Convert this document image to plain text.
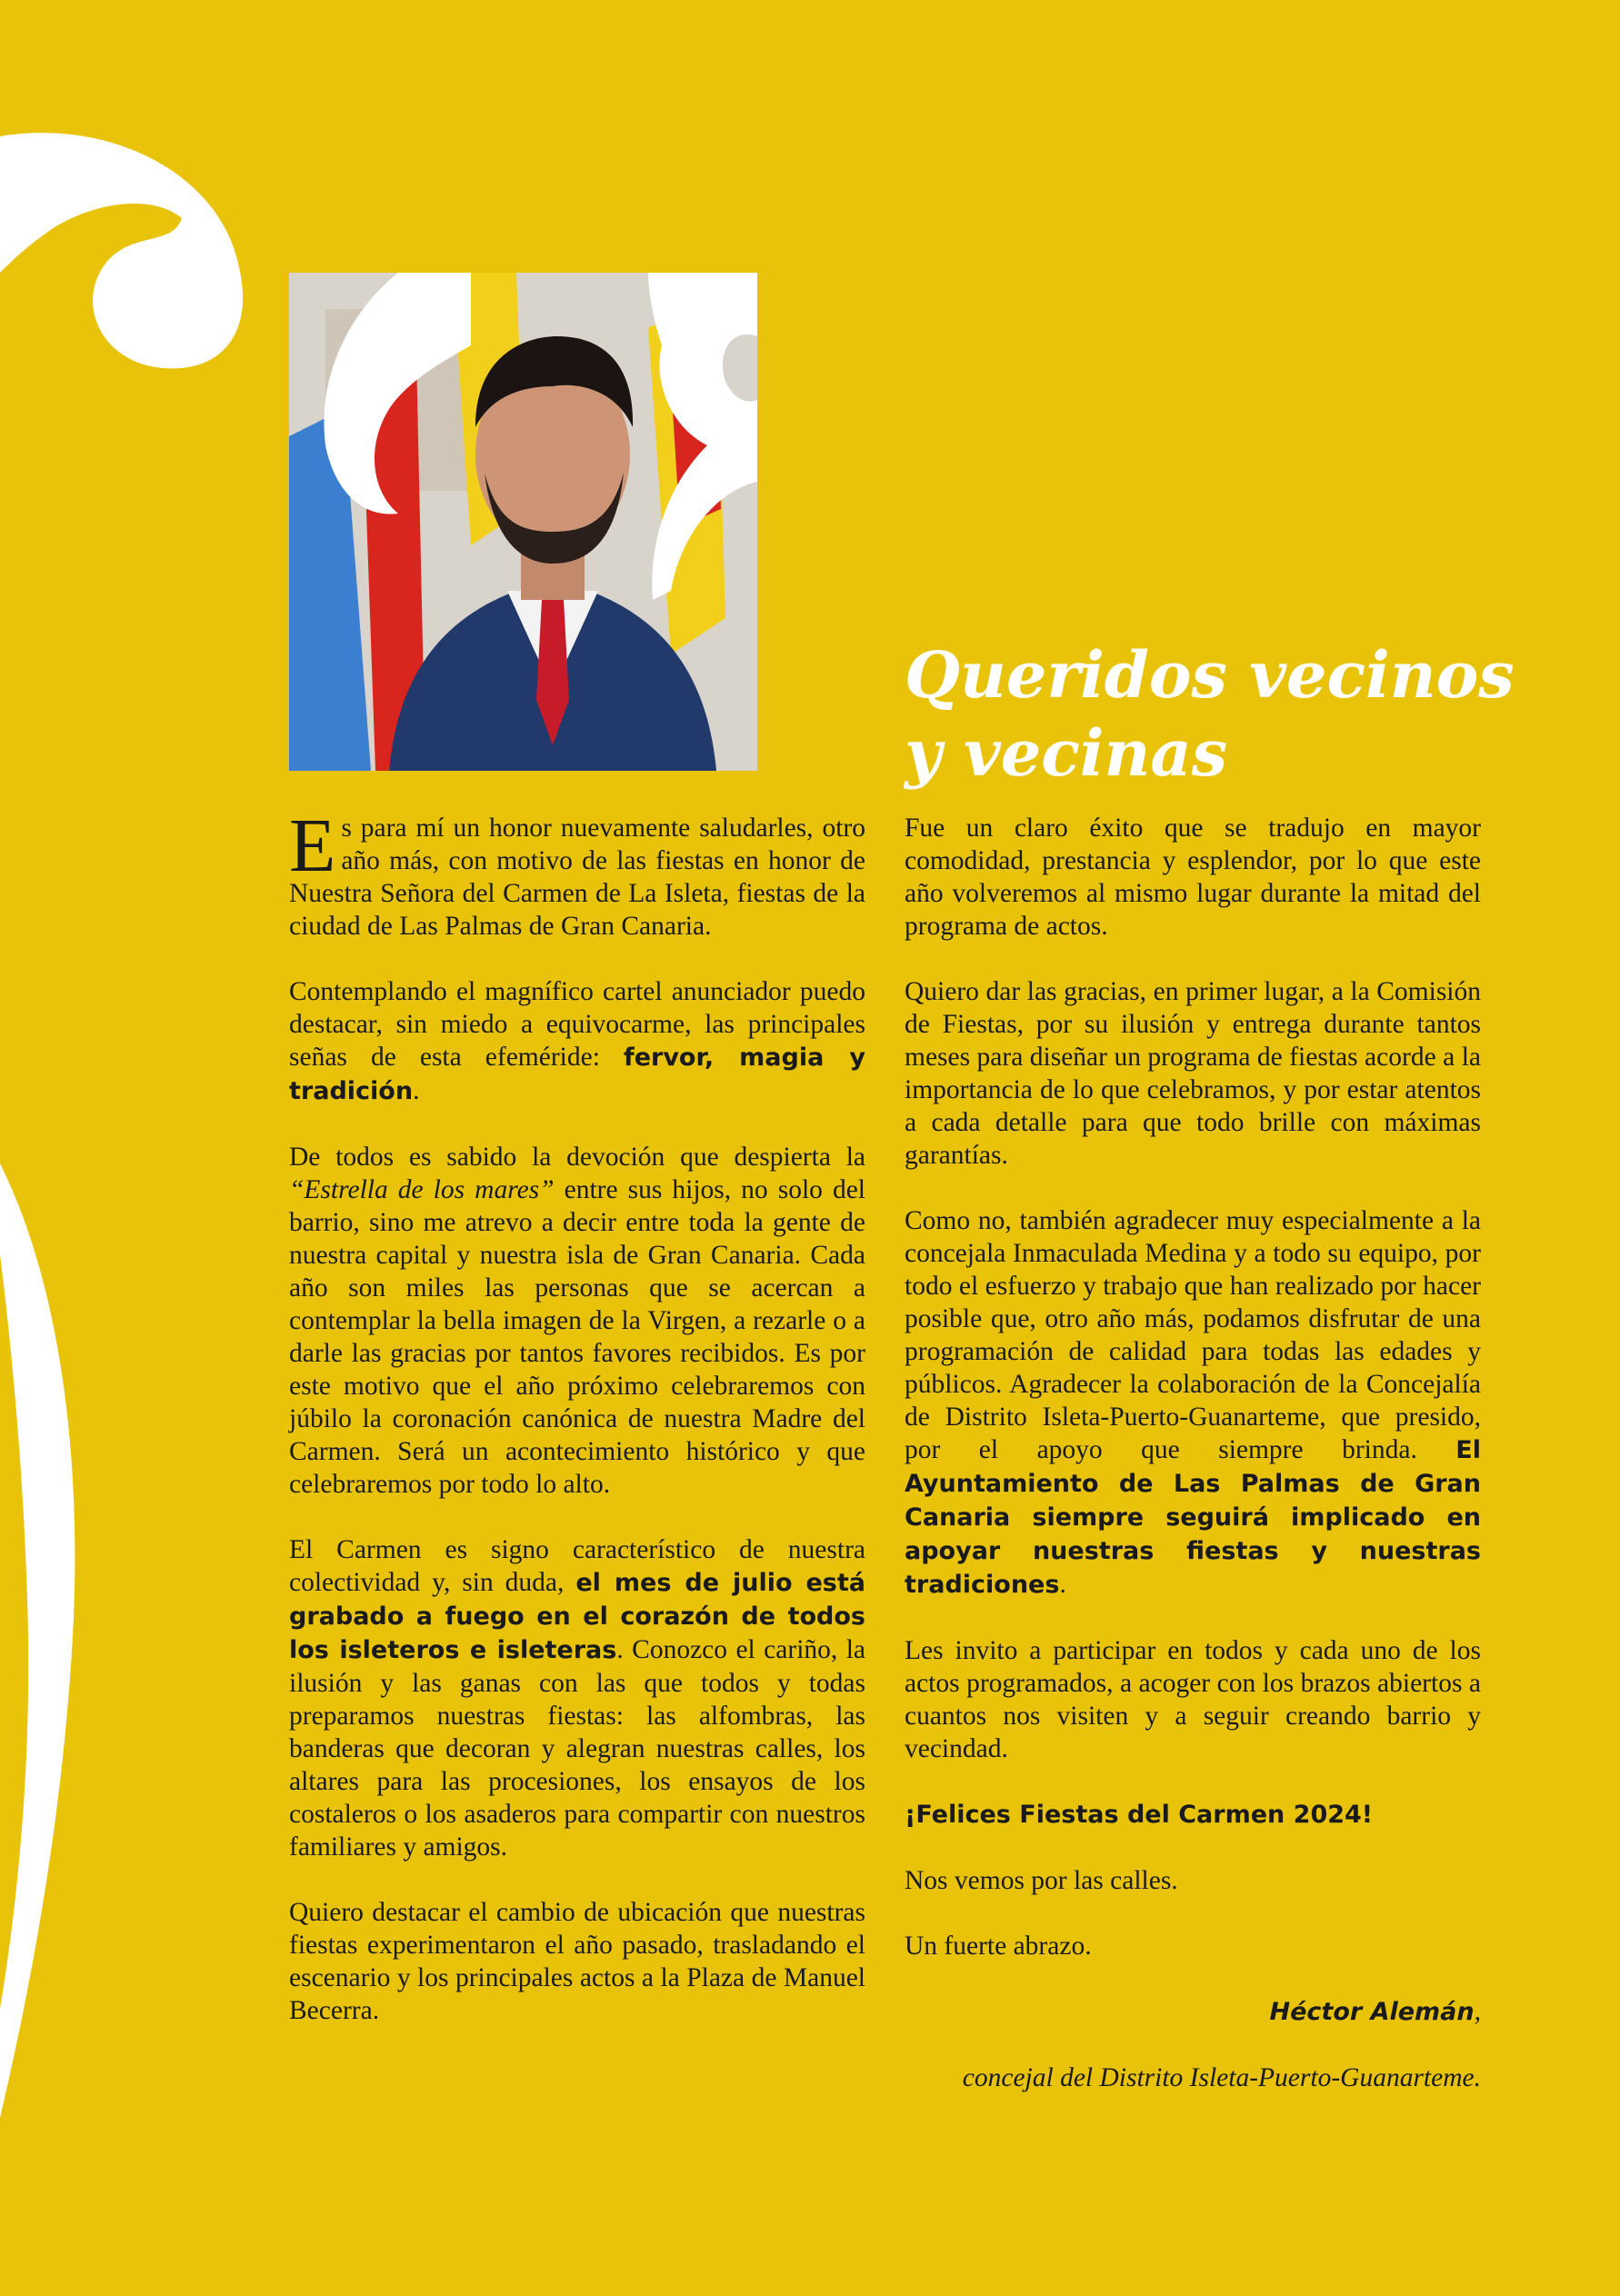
Queridos vecinos
y vecinas

Es para mí un honor nuevamente saludarles, otro año más, con motivo de las fiestas en honor de Nuestra Señora del Carmen de La Isleta, fiestas de la ciudad de Las Palmas de Gran Canaria.

Contemplando el magnífico cartel anunciador puedo destacar, sin miedo a equivocarme, las principales señas de esta efeméride: fervor, magia y tradición.

De todos es sabido la devoción que despierta la “Estrella de los mares” entre sus hijos, no solo del barrio, sino me atrevo a decir entre toda la gente de nuestra capital y nuestra isla de Gran Canaria. Cada año son miles las personas que se acercan a contemplar la bella imagen de la Virgen, a rezarle o a darle las gracias por tantos favores recibidos. Es por este motivo que el año próximo celebraremos con júbilo la coronación canónica de nuestra Madre del Carmen. Será un acontecimiento histórico y que celebraremos por todo lo alto.

El Carmen es signo característico de nuestra colectividad y, sin duda, el mes de julio está grabado a fuego en el corazón de todos los isleteros e isleteras. Conozco el cariño, la ilusión y las ganas con las que todos y todas preparamos nuestras fiestas: las alfombras, las banderas que decoran y alegran nuestras calles, los altares para las procesiones, los ensayos de los costaleros o los asaderos para compartir con nuestros familiares y amigos.

Quiero destacar el cambio de ubicación que nuestras fiestas experimentaron el año pasado, trasladando el escenario y los principales actos a la Plaza de Manuel Becerra.

Fue un claro éxito que se tradujo en mayor comodidad, prestancia y esplendor, por lo que este año volveremos al mismo lugar durante la mitad del programa de actos.

Quiero dar las gracias, en primer lugar, a la Comisión de Fiestas, por su ilusión y entrega durante tantos meses para diseñar un programa de fiestas acorde a la importancia de lo que celebramos, y por estar atentos a cada detalle para que todo brille con máximas garantías.

Como no, también agradecer muy especialmente a la concejala Inmaculada Medina y a todo su equipo, por todo el esfuerzo y trabajo que han realizado por hacer posible que, otro año más, podamos disfrutar de una programación de calidad para todas las edades y públicos. Agradecer la colaboración de la Concejalía de Distrito Isleta-Puerto-Guanarteme, que presido, por el apoyo que siempre brinda. El Ayuntamiento de Las Palmas de Gran Canaria siempre seguirá implicado en apoyar nuestras fiestas y nuestras tradiciones.

Les invito a participar en todos y cada uno de los actos programados, a acoger con los brazos abiertos a cuantos nos visiten y a seguir creando barrio y vecindad.

¡Felices Fiestas del Carmen 2024!

Nos vemos por las calles.

Un fuerte abrazo.

Héctor Alemán,

concejal del Distrito Isleta-Puerto-Guanarteme.
